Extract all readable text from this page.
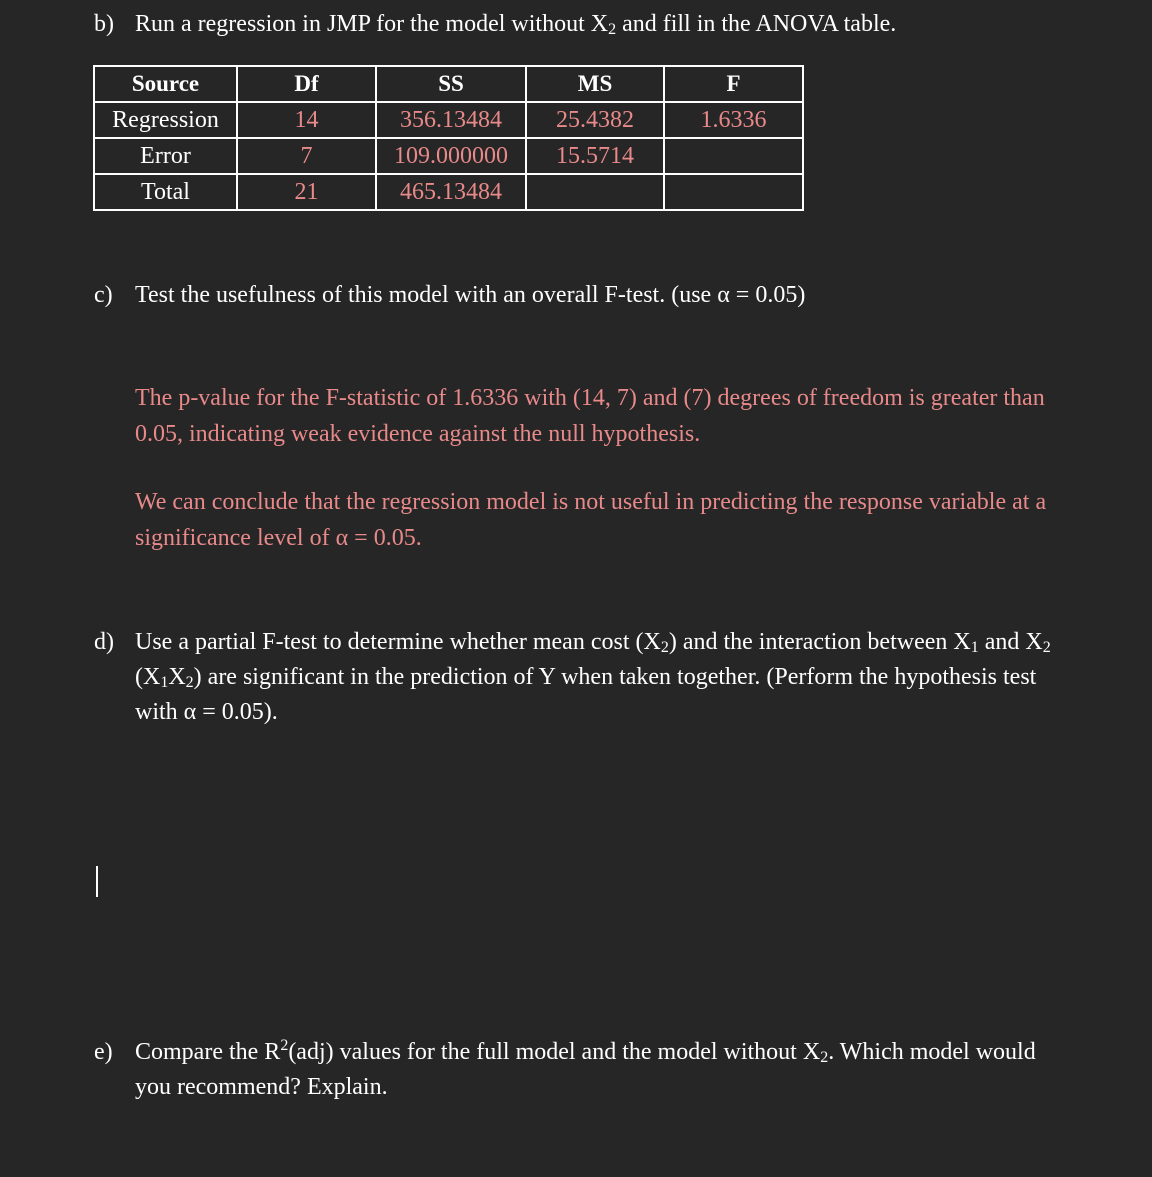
b) Run a regression in JMP for the model without $X_2$ and fill in the ANOVA table.
Source	Df	SS	MS	F
Regression	14	356.13484	25.4382	1.6336
Error	7	109.000000	15.5714	
Total	21	465.13484		
c) Test the usefulness of this model with an overall F-test. (use α = 0.05)
The p-value for the F-statistic of 1.6336 with (14, 7) and (7) degrees of freedom is greater than 0.05, indicating weak evidence against the null hypothesis.
We can conclude that the regression model is not useful in predicting the response variable at a significance level of α = 0.05.
d) Use a partial F-test to determine whether mean cost $(X_2)$ and the interaction between $X_1$ and $X_2$ $(X_1X_2)$ are significant in the prediction of Y when taken together. (Perform the hypothesis test with α = 0.05).
e) Compare the $R^2(adj)$ values for the full model and the model without $X_2$. Which model would you recommend? Explain.
